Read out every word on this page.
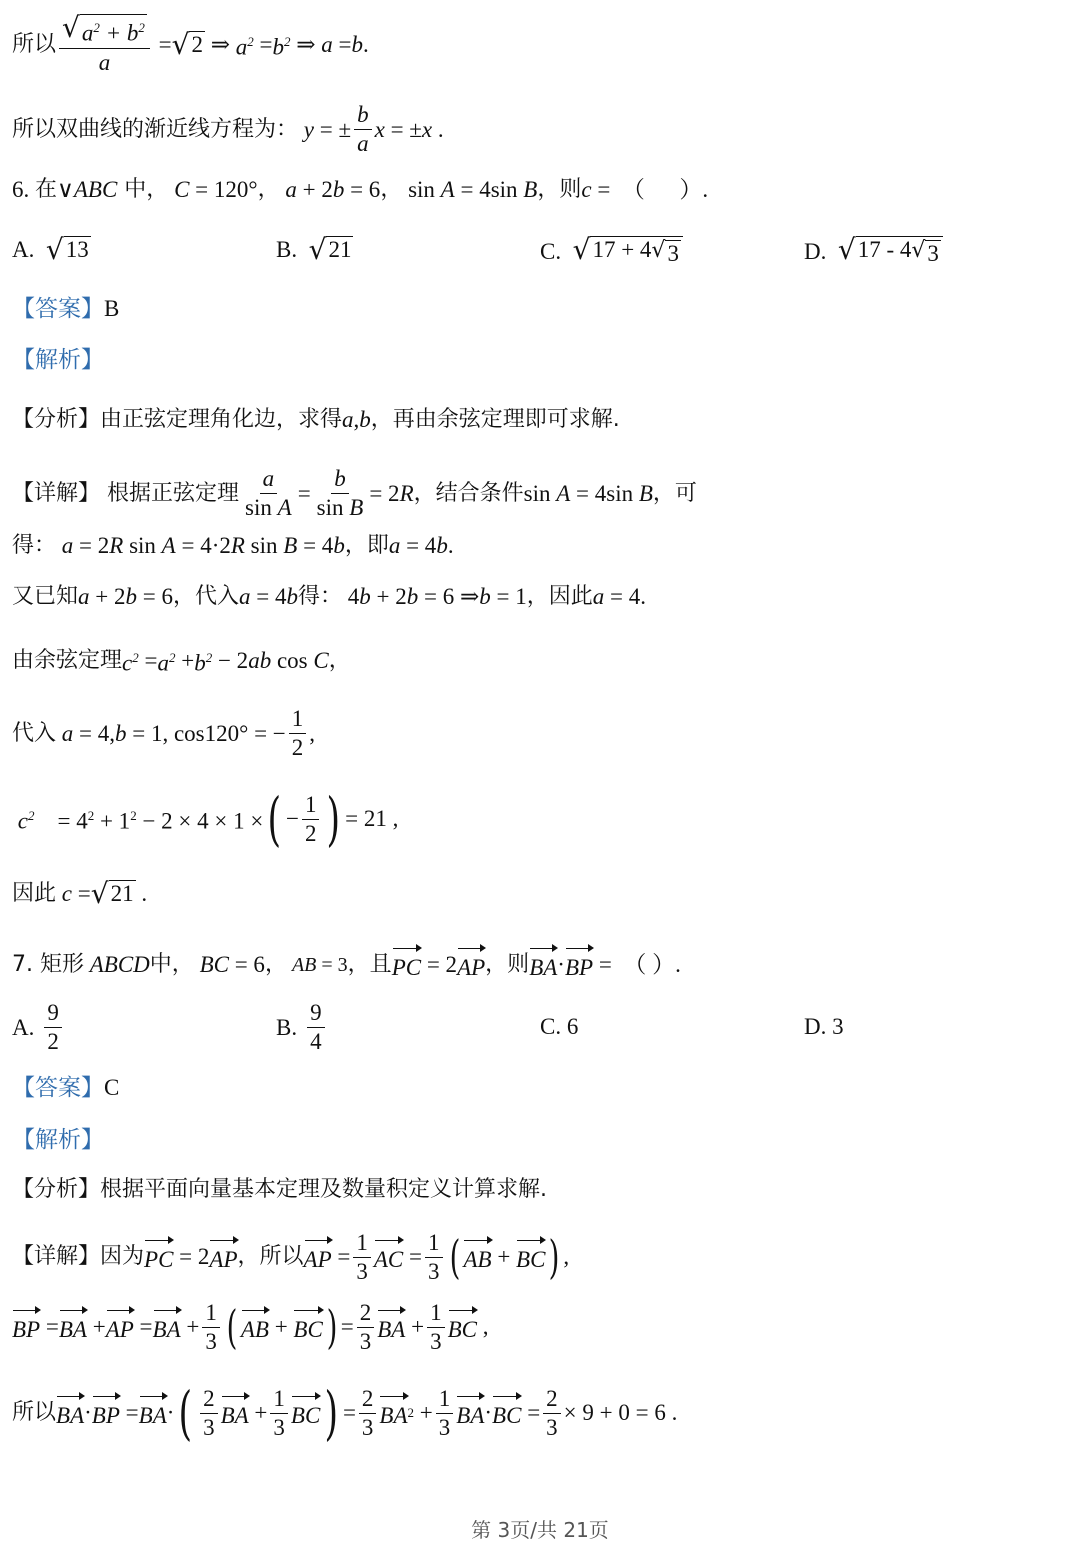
所以 $\frac{√ a^2 + b^2}{a}$ = √ 2
⇒ $a^2 = b^2$ ⇒ a = b .
所以双曲线的渐近线方程为： y = ± $\frac{b}{a}$ x = ± x .
6. 在 ∨ ABC 中， C = 120° ， a + 2 b = 6 ， sin A = 4sin B ，则 c =  （      ）.
A. √ 13	B. √ 21	C. √ 17 + 4 √ 3	D. √ 17 - 4 √ 3
【答案】 B
【解析】
【分析】 由正弦定理角化边，求得 a , b ，再由余弦定理即可求解.
【详解】
根据正弦定理 $\frac{a}{\text{sin A}} = \frac{b}{\text{sin B}} = 2$ R ，结合条件 sin A = 4sin B ，可
得： a = 2 R sin A = 4·2 R sin B = 4 b ，即 a = 4 b .
又已知 a + 2 b = 6 ，代入 a = 4 b 得： 4 b + 2 b = 6 ⇒ b = 1 ，因此 a = 4.
由余弦定理 $c^2 = a^2 + b^2 - 2$ ab cos C ，
代入 a = 4, b = 1, cos120° = − $\frac{1}{2}$ ,
$c^2 = 4^2 + 1^2 - 2 \times 4 \times 1$ × ( − $\frac{1}{2}$ ) = 21 ,
因此 c = √ 21 .
7. 矩形 ABCD 中， BC = 6 ， AB = 3 ，且 PC = 2 AP ，则 BA · BP = （ ）.
A. $\frac{9}{2}$	B. $\frac{9}{4}$	C. 6	D. 3
【答案】 C
【解析】
【分析】 根据平面向量基本定理及数量积定义计算求解.
【详解】 因为 PC = 2 AP ，所以 AP = $\frac{1}{3}$ AC = $\frac{1}{3}$ ( AB + BC ) ,
BP = BA + AP = BA + $\frac{1}{3}$ ( AB + BC ) = $\frac{2}{3}$ BA + $\frac{1}{3}$ BC ,
所以 BA · BP = BA · ( $\frac{2}{3}$ BA + $\frac{1}{3}$ BC ) = $\frac{2}{3}$ BA $2 + \frac{1}{3}$ BA · BC = $\frac{2}{3} \times 9 + 0 = 6$ .
第 3页/共 21页
